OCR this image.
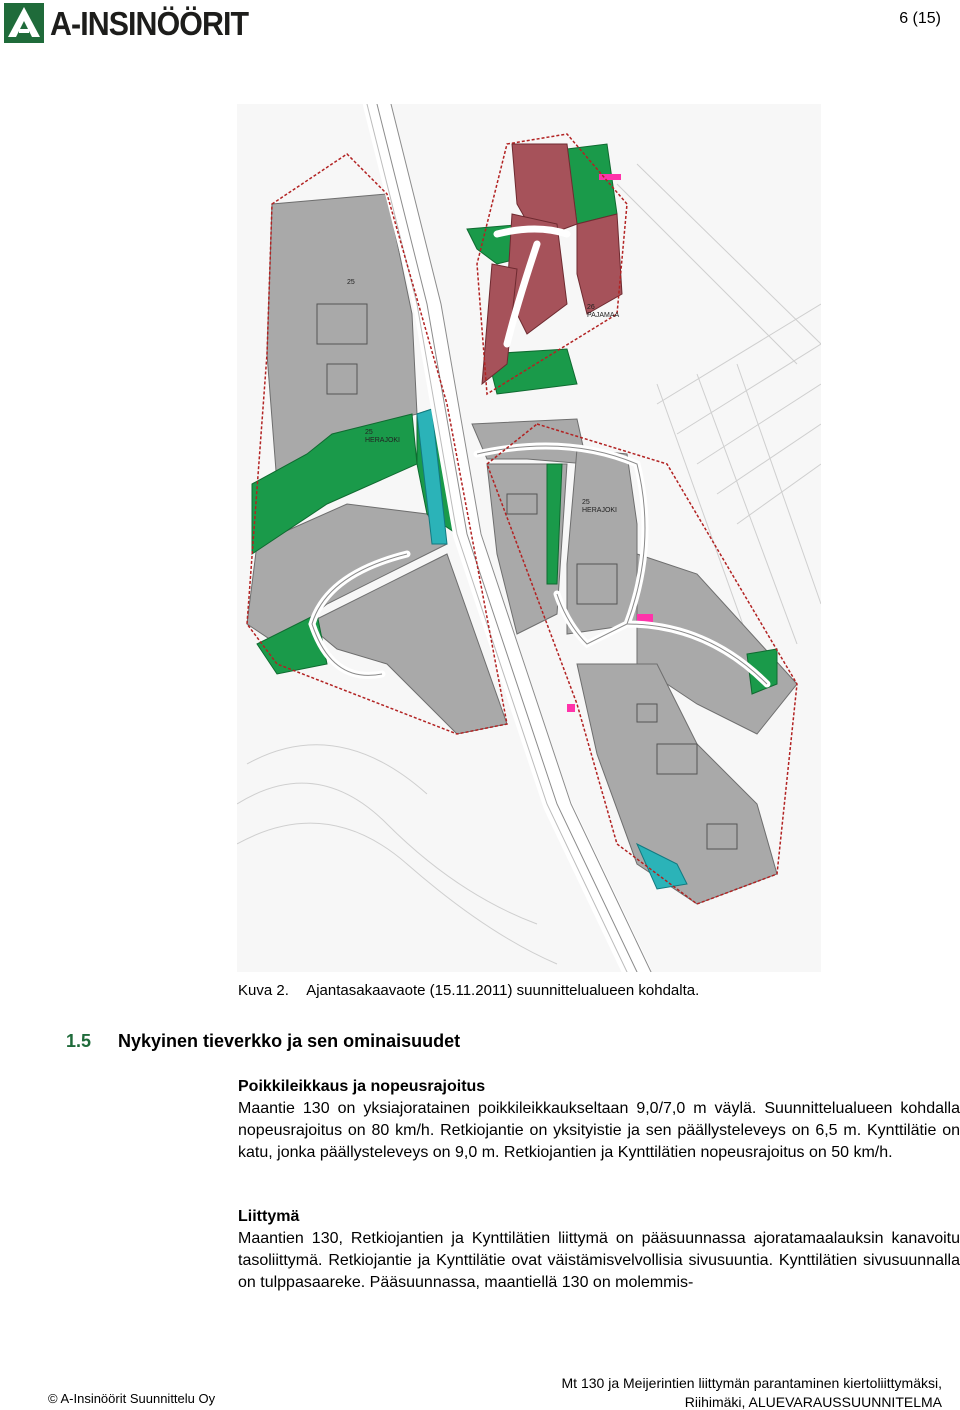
A-INSINÖÖRIT	6 (15)
25
25 HERAJOKI
25 HERAJOKI
26 PAJAMAA
Kuva 2. Ajantasakaavaote (15.11.2011) suunnittelualueen kohdalta.
1.5 Nykyinen tieverkko ja sen ominaisuudet
Poikkileikkaus ja nopeusrajoitus
Maantie 130 on yksiajoratainen poikkileikkaukseltaan 9,0/7,0 m väylä. Suunnittelualueen kohdalla nopeusrajoitus on 80 km/h. Retkiojantie on yksityistie ja sen päällysteleveys on 6,5 m. Kynttilätie on katu, jonka päällysteleveys on 9,0 m. Retkiojantien ja Kynttilätien nopeusrajoitus on 50 km/h.
Liittymä
Maantien 130, Retkiojantien ja Kynttilätien liittymä on pääsuunnassa ajoratamaalauksin kanavoitu tasoliittymä. Retkiojantie ja Kynttilätie ovat väistämisvelvollisia sivusuuntia. Kynttilätien sivusuunnalla on tulppasaareke. Pääsuunnassa, maantiellä 130 on molemmis-
© A-Insinöörit Suunnittelu Oy
Mt 130 ja Meijerintien liittymän parantaminen kiertoliittymäksi,
Riihimäki, ALUEVARAUSSUUNNITELMA
